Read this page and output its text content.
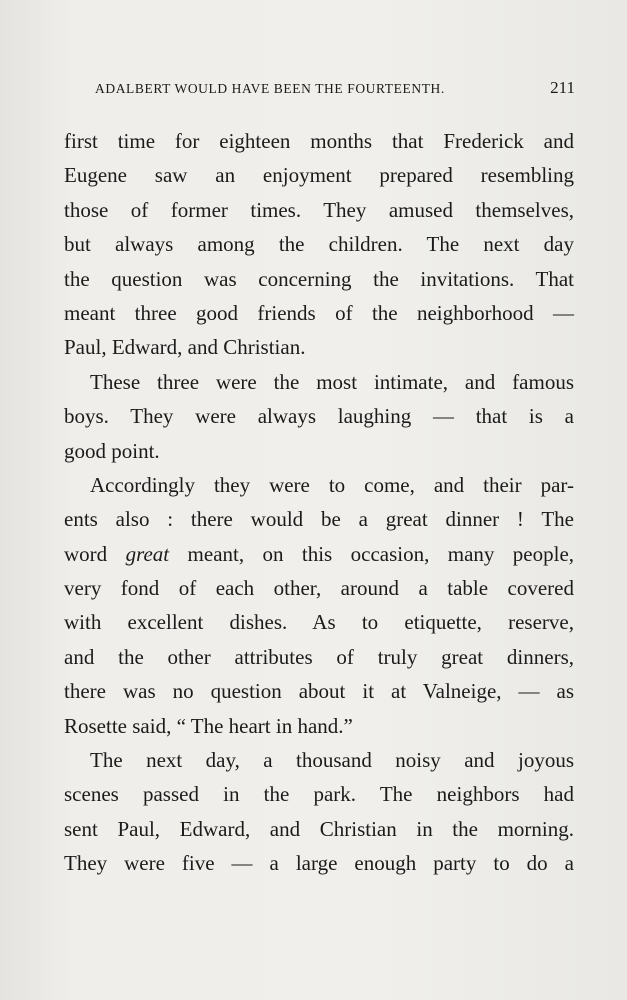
ADALBERT WOULD HAVE BEEN THE FOURTEENTH.	211
first time for eighteen months that Frederick and
Eugene saw an enjoyment prepared resembling
those of former times. They amused themselves,
but always among the children. The next day
the question was concerning the invitations. That
meant three good friends of the neighborhood —
Paul, Edward, and Christian.
These three were the most intimate, and famous
boys. They were always laughing — that is a
good point.
Accordingly they were to come, and their par-
ents also : there would be a great dinner ! The
word great meant, on this occasion, many people,
very fond of each other, around a table covered
with excellent dishes. As to etiquette, reserve,
and the other attributes of truly great dinners,
there was no question about it at Valneige, — as
Rosette said, “ The heart in hand.”
The next day, a thousand noisy and joyous
scenes passed in the park. The neighbors had
sent Paul, Edward, and Christian in the morning.
They were five — a large enough party to do a
